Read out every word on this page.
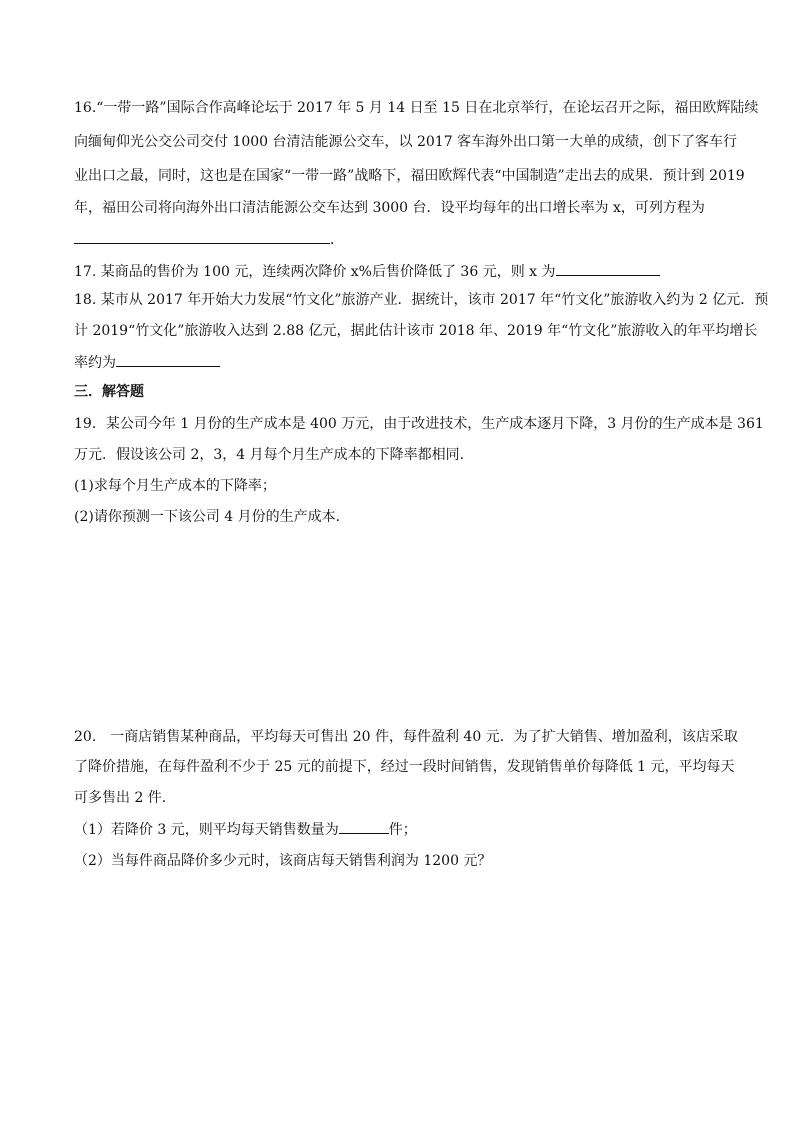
16.“一带一路”国际合作高峰论坛于 2017 年 5 月 14 日至 15 日在北京举行，在论坛召开之际，福田欧辉陆续
向缅甸仰光公交公司交付 1000 台清洁能源公交车，以 2017 客车海外出口第一大单的成绩，创下了客车行
业出口之最，同时，这也是在国家“一带一路”战略下，福田欧辉代表“中国制造”走出去的成果．预计到 2019
年，福田公司将向海外出口清洁能源公交车达到 3000 台．设平均每年的出口增长率为 x，可列方程为
．
17. 某商品的售价为 100 元，连续两次降价 x%后售价降低了 36 元，则 x 为
18. 某市从 2017 年开始大力发展“竹文化”旅游产业．据统计，该市 2017 年“竹文化”旅游收入约为 2 亿元．预
计 2019“竹文化”旅游收入达到 2.88 亿元，据此估计该市 2018 年、2019 年“竹文化”旅游收入的年平均增长
率约为
三．解答题
19．某公司今年 1 月份的生产成本是 400 万元，由于改进技术，生产成本逐月下降，3 月份的生产成本是 361
万元．假设该公司 2，3，4 月每个月生产成本的下降率都相同．
(1)求每个月生产成本的下降率；
(2)请你预测一下该公司 4 月份的生产成本．
20.　一商店销售某种商品，平均每天可售出 20 件，每件盈利 40 元．为了扩大销售、增加盈利，该店采取
了降价措施，在每件盈利不少于 25 元的前提下，经过一段时间销售，发现销售单价每降低 1 元，平均每天
可多售出 2 件．
（1）若降价 3 元，则平均每天销售数量为	件；
（2）当每件商品降价多少元时，该商店每天销售利润为 1200 元？
